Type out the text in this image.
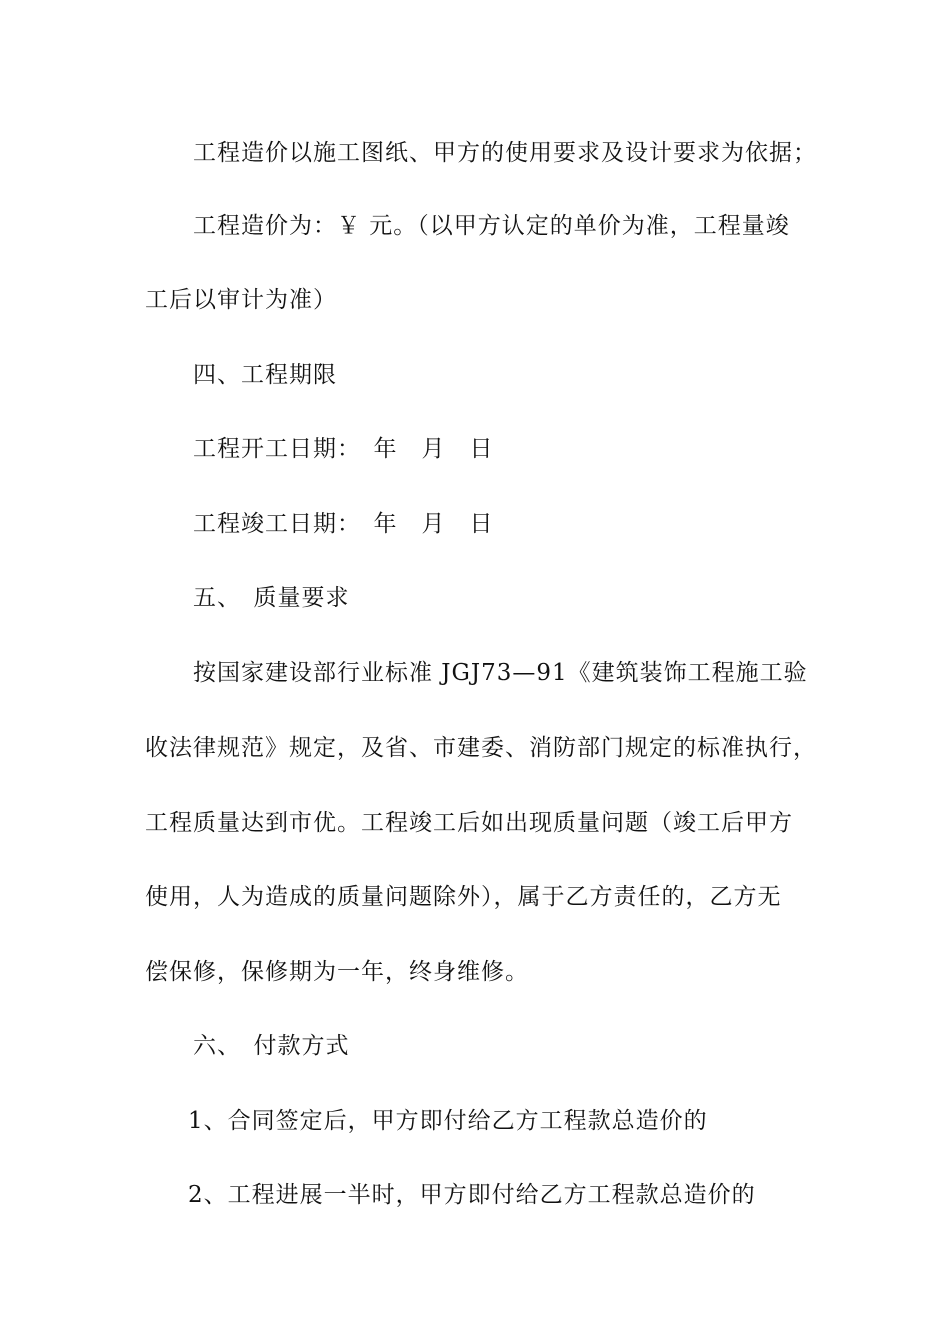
工程造价以施工图纸、甲方的使用要求及设计要求为依据；
工程造价为：￥ 元。（以甲方认定的单价为准，工程量竣
工后以审计为准）
四、工程期限
工程开工日期：　年　月　日
工程竣工日期：　年　月　日
五、　质量要求
按国家建设部行业标准 JGJ73—91《建筑装饰工程施工验
收法律规范》规定，及省、市建委、消防部门规定的标准执行，
工程质量达到市优。工程竣工后如出现质量问题（竣工后甲方
使用，人为造成的质量问题除外），属于乙方责任的，乙方无
偿保修，保修期为一年，终身维修。
六、　付款方式
1、合同签定后，甲方即付给乙方工程款总造价的
2、工程进展一半时，甲方即付给乙方工程款总造价的
